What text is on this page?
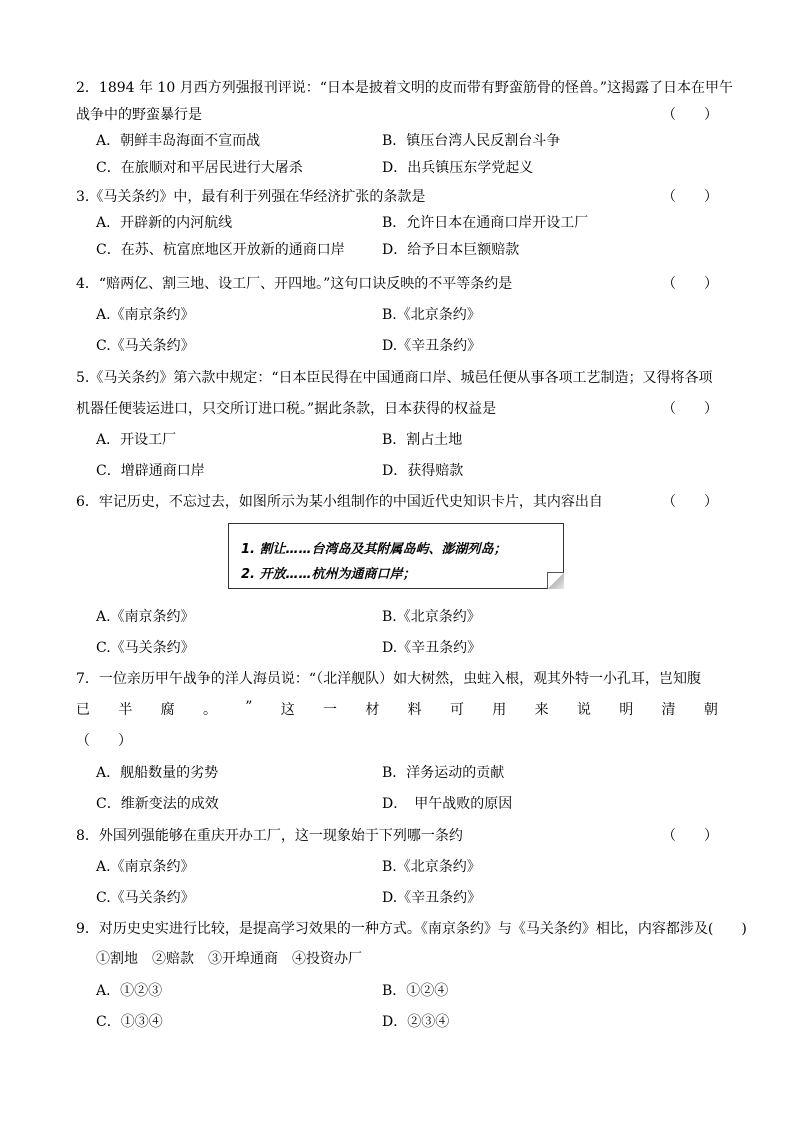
2．1894 年 10 月西方列强报刊评说：“日本是披着文明的皮而带有野蛮筋骨的怪兽。”这揭露了日本在甲午
战争中的野蛮暴行是	（　　）
A．朝鲜丰岛海面不宣而战	B．镇压台湾人民反割台斗争
C．在旅顺对和平居民进行大屠杀	D．出兵镇压东学党起义
3.《马关条约》中，最有利于列强在华经济扩张的条款是	（　　）
A．开辟新的内河航线	B．允许日本在通商口岸开设工厂
C．在苏、杭富庶地区开放新的通商口岸	D．给予日本巨额赔款
4．“赔两亿、割三地、设工厂、开四地。”这句口诀反映的不平等条约是	（　　）
A.《南京条约》	B.《北京条约》
C.《马关条约》	D.《辛丑条约》
5.《马关条约》第六款中规定：“日本臣民得在中国通商口岸、城邑任便从事各项工艺制造；又得将各项
机器任便装运进口，只交所订进口税。”据此条款，日本获得的权益是	（　　）
A．开设工厂	B．割占土地
C．增辟通商口岸	D．获得赔款
6．牢记历史，不忘过去，如图所示为某小组制作的中国近代史知识卡片，其内容出自	（　　）
1. 割让……台湾岛及其附属岛屿、澎湖列岛；
2. 开放……杭州为通商口岸；
A.《南京条约》	B.《北京条约》
C.《马关条约》	D.《辛丑条约》
7．一位亲历甲午战争的洋人海员说：“（北洋舰队）如大树然，虫蛀入根，观其外特一小孔耳，岂知腹
已 半 腐 。 ” 这 一 材 料 可 用 来 说 明 清 朝
（　　）
A．舰船数量的劣势	B．洋务运动的贡献
C．维新变法的成效	D．　甲午战败的原因
8．外国列强能够在重庆开办工厂，这一现象始于下列哪一条约	（　　）
A.《南京条约》	B.《北京条约》
C.《马关条约》	D.《辛丑条约》
9．对历史史实进行比较，是提高学习效果的一种方式。《南京条约》与《马关条约》相比，内容都涉及(　　)
①割地　②赔款　③开埠通商　④投资办厂
A．①②③	B．①②④
C．①③④	D．②③④
